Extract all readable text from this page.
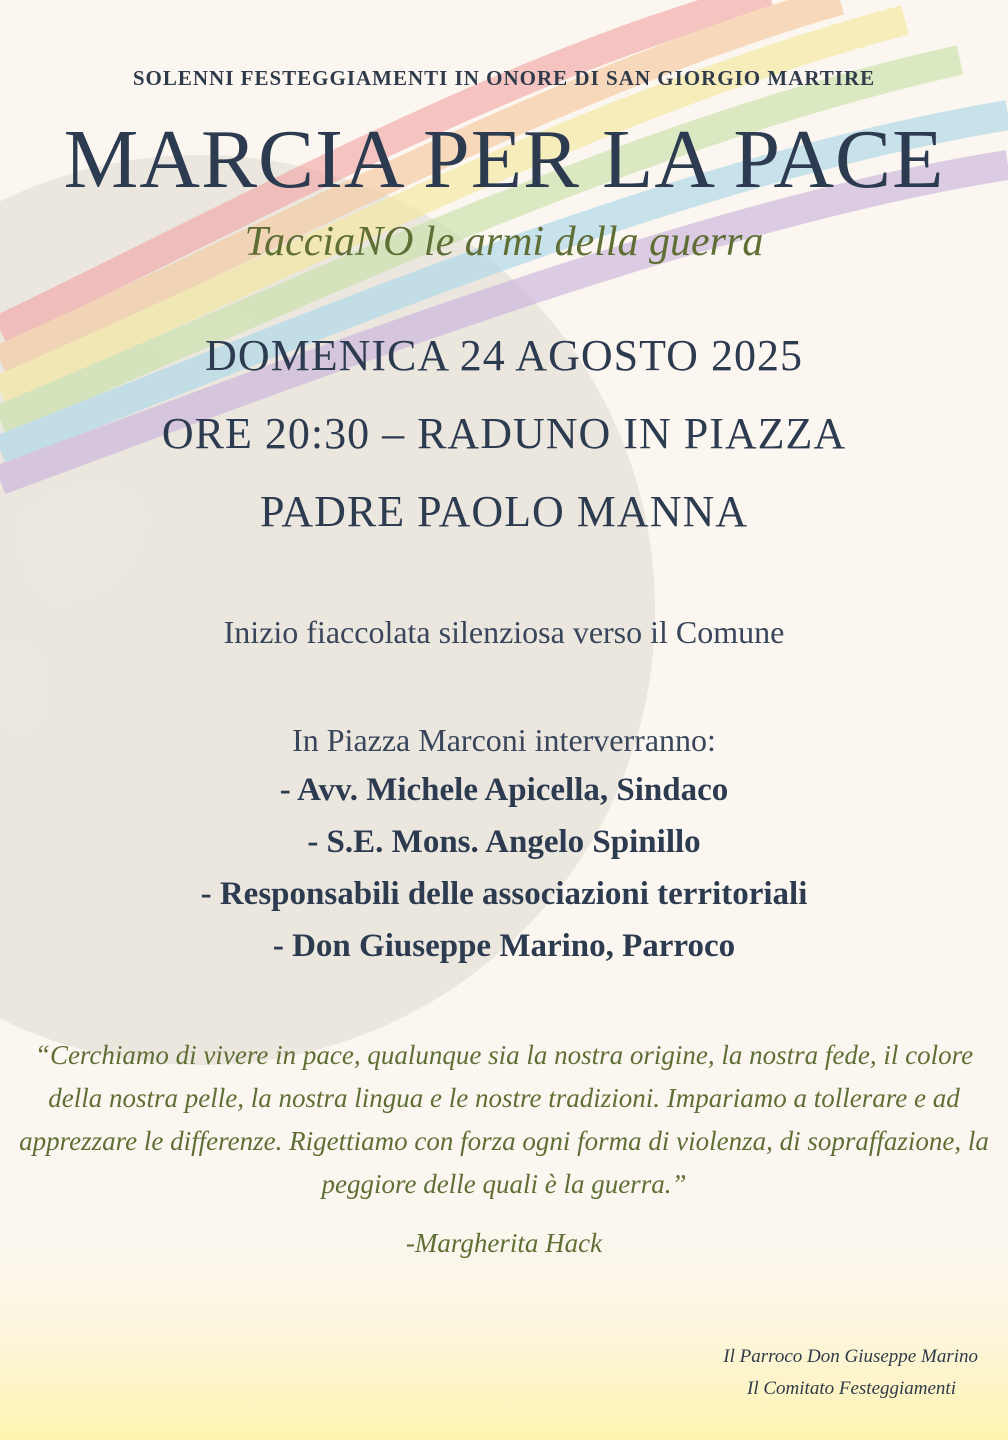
SOLENNI FESTEGGIAMENTI IN ONORE DI SAN GIORGIO MARTIRE
MARCIA PER LA PACE
TacciaNO le armi della guerra
DOMENICA 24 AGOSTO 2025
ORE 20:30 – RADUNO IN PIAZZA
PADRE PAOLO MANNA
Inizio fiaccolata silenziosa verso il Comune
In Piazza Marconi interverranno:
- Avv. Michele Apicella, Sindaco
- S.E. Mons. Angelo Spinillo
- Responsabili delle associazioni territoriali
- Don Giuseppe Marino, Parroco
“Cerchiamo di vivere in pace, qualunque sia la nostra origine, la nostra fede, il colore della nostra pelle, la nostra lingua e le nostre tradizioni. Impariamo a tollerare e ad apprezzare le differenze. Rigettiamo con forza ogni forma di violenza, di sopraffazione, la peggiore delle quali è la guerra.”
-Margherita Hack
Il Parroco Don Giuseppe Marino
Il Comitato Festeggiamenti
